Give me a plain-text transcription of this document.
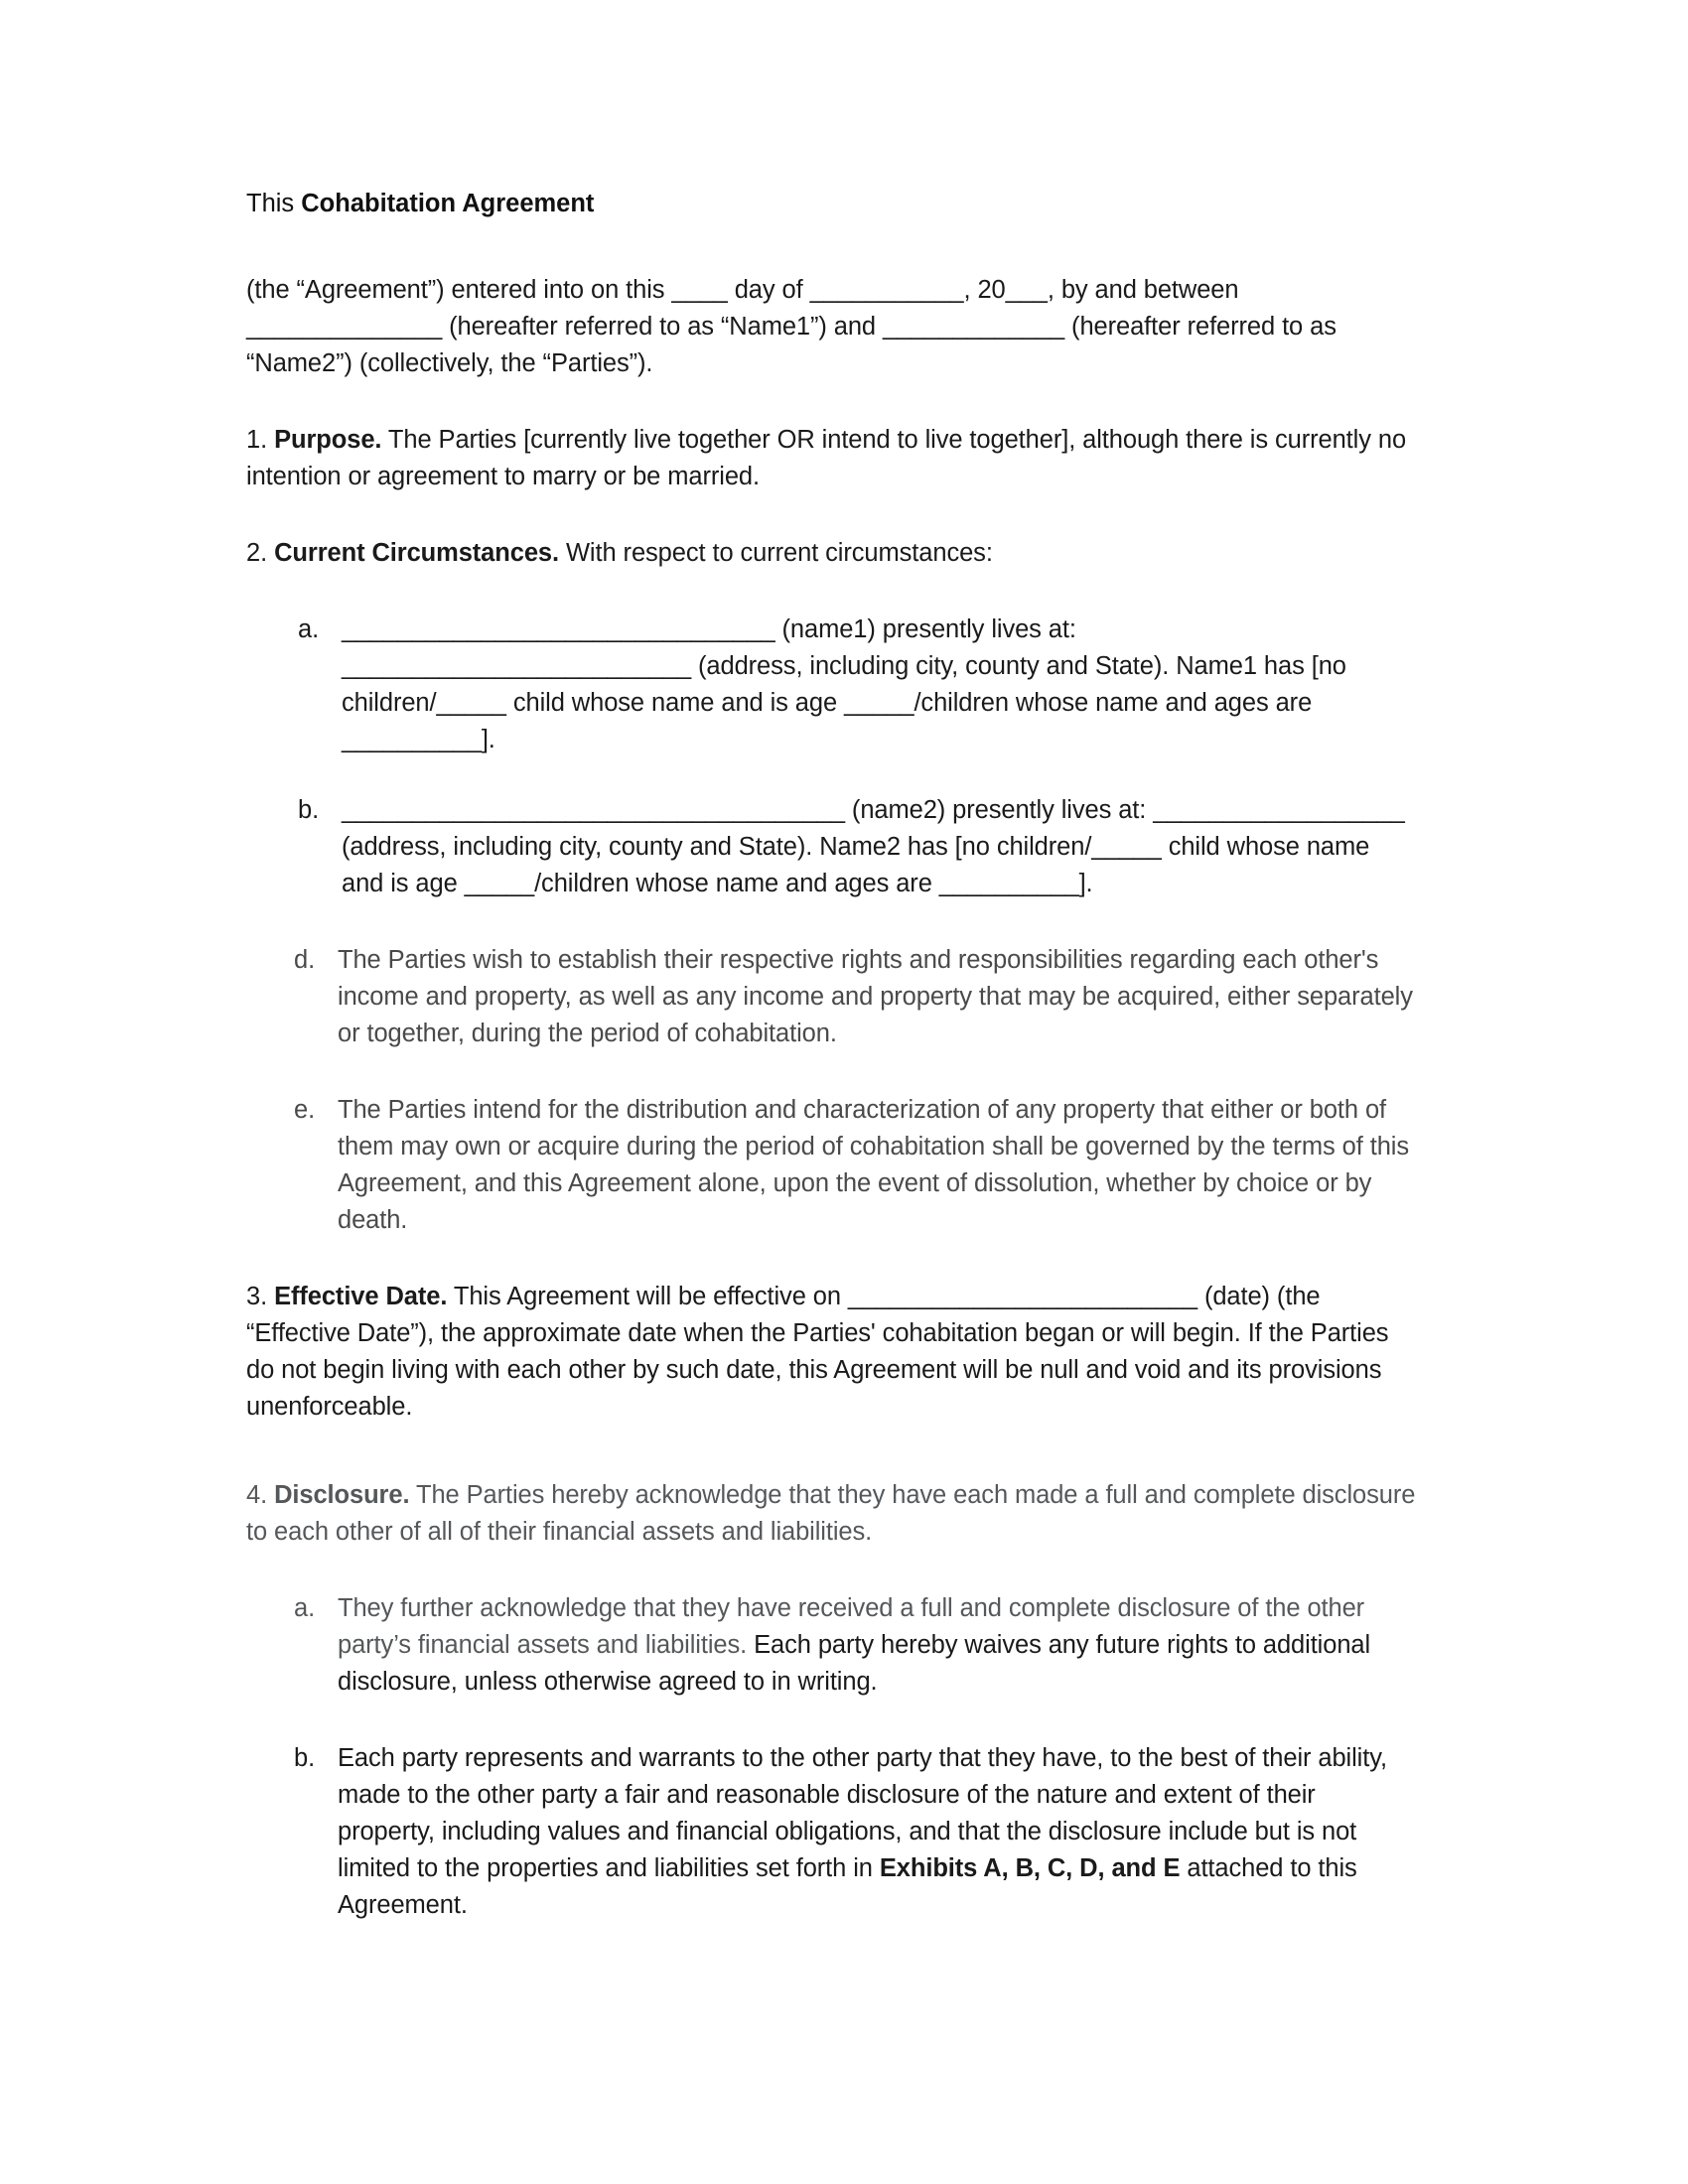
This Cohabitation Agreement

(the “Agreement”) entered into on this ____ day of ___________, 20___, by and between ______________ (hereafter referred to as “Name1”) and _____________ (hereafter referred to as “Name2”) (collectively, the “Parties”).

1. Purpose. The Parties [currently live together OR intend to live together], although there is currently no intention or agreement to marry or be married.

2. Current Circumstances. With respect to current circumstances:

a. _______________________________ (name1) presently lives at: _________________________ (address, including city, county and State). Name1 has [no children/_____ child whose name and is age _____/children whose name and ages are __________].
b. ____________________________________ (name2) presently lives at: __________________ (address, including city, county and State). Name2 has [no children/_____ child whose name and is age _____/children whose name and ages are __________].
d. The Parties wish to establish their respective rights and responsibilities regarding each other's income and property, as well as any income and property that may be acquired, either separately or together, during the period of cohabitation.
e. The Parties intend for the distribution and characterization of any property that either or both of them may own or acquire during the period of cohabitation shall be governed by the terms of this Agreement, and this Agreement alone, upon the event of dissolution, whether by choice or by death.

3. Effective Date. This Agreement will be effective on _________________________ (date) (the “Effective Date”), the approximate date when the Parties' cohabitation began or will begin. If the Parties do not begin living with each other by such date, this Agreement will be null and void and its provisions unenforceable.

4. Disclosure. The Parties hereby acknowledge that they have each made a full and complete disclosure to each other of all of their financial assets and liabilities.

a. They further acknowledge that they have received a full and complete disclosure of the other party’s financial assets and liabilities. Each party hereby waives any future rights to additional disclosure, unless otherwise agreed to in writing.
b. Each party represents and warrants to the other party that they have, to the best of their ability, made to the other party a fair and reasonable disclosure of the nature and extent of their property, including values and financial obligations, and that the disclosure include but is not limited to the properties and liabilities set forth in Exhibits A, B, C, D, and E attached to this Agreement.
